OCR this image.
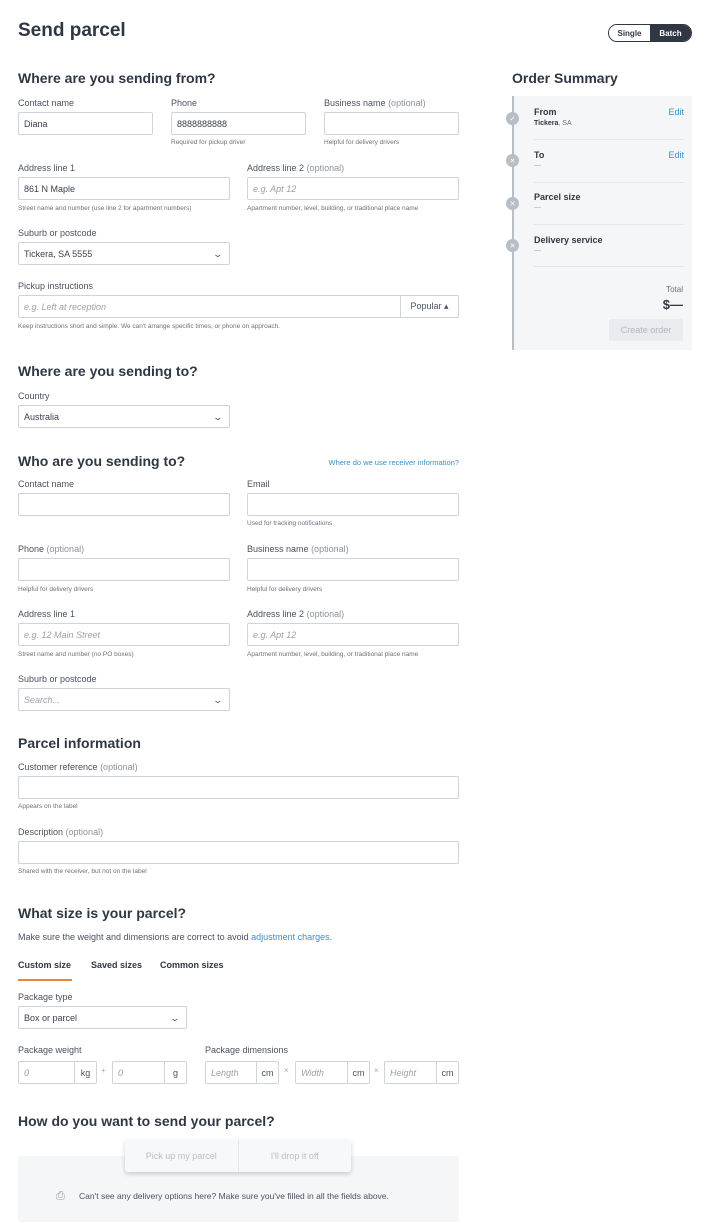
Send parcel	Single	Batch
Where are you sending from?
Contact name
Diana
Phone
8888888888
Required for pickup driver
Business name (optional)
Helpful for delivery drivers
Address line 1
861 N Maple
Street name and number (use line 2 for apartment numbers)
Address line 2 (optional)
e.g. Apt 12
Apartment number, level, building, or traditional place name
Suburb or postcode
Tickera, SA 5555	⌄
Pickup instructions
e.g. Left at reception	Popular ▴
Keep instructions short and simple. We can't arrange specific times, or phone on approach.
Where are you sending to?
Country
Australia	⌄
Who are you sending to?	Where do we use receiver information?
Contact name	Email
Used for tracking notifications
Phone (optional)
Helpful for delivery drivers
Business name (optional)
Helpful for delivery drivers
Address line 1
e.g. 12 Main Street
Street name and number (no PO boxes)
Address line 2 (optional)
e.g. Apt 12
Apartment number, level, building, or traditional place name
Suburb or postcode
Search...	⌄
Parcel information
Customer reference (optional)
Appears on the label
Description (optional)
Shared with the receiver, but not on the label
What size is your parcel?
Make sure the weight and dimensions are correct to avoid adjustment charges.
Custom size Saved sizes Common sizes
Package type
Box or parcel	⌄
Package weight
0	kg	+ 0	g
Package dimensions
Length	cm	× Width	cm	× Height	cm
How do you want to send your parcel?
Pick up my parcel	I'll drop it off
⎙ Can't see any delivery options here? Make sure you've filled in all the fields above.
Order Summary
✓
From
Tickera, SA
Edit
✕
To
—
Edit
✕
Parcel size
—
✕
Delivery service
—
Total
$—
Create order
